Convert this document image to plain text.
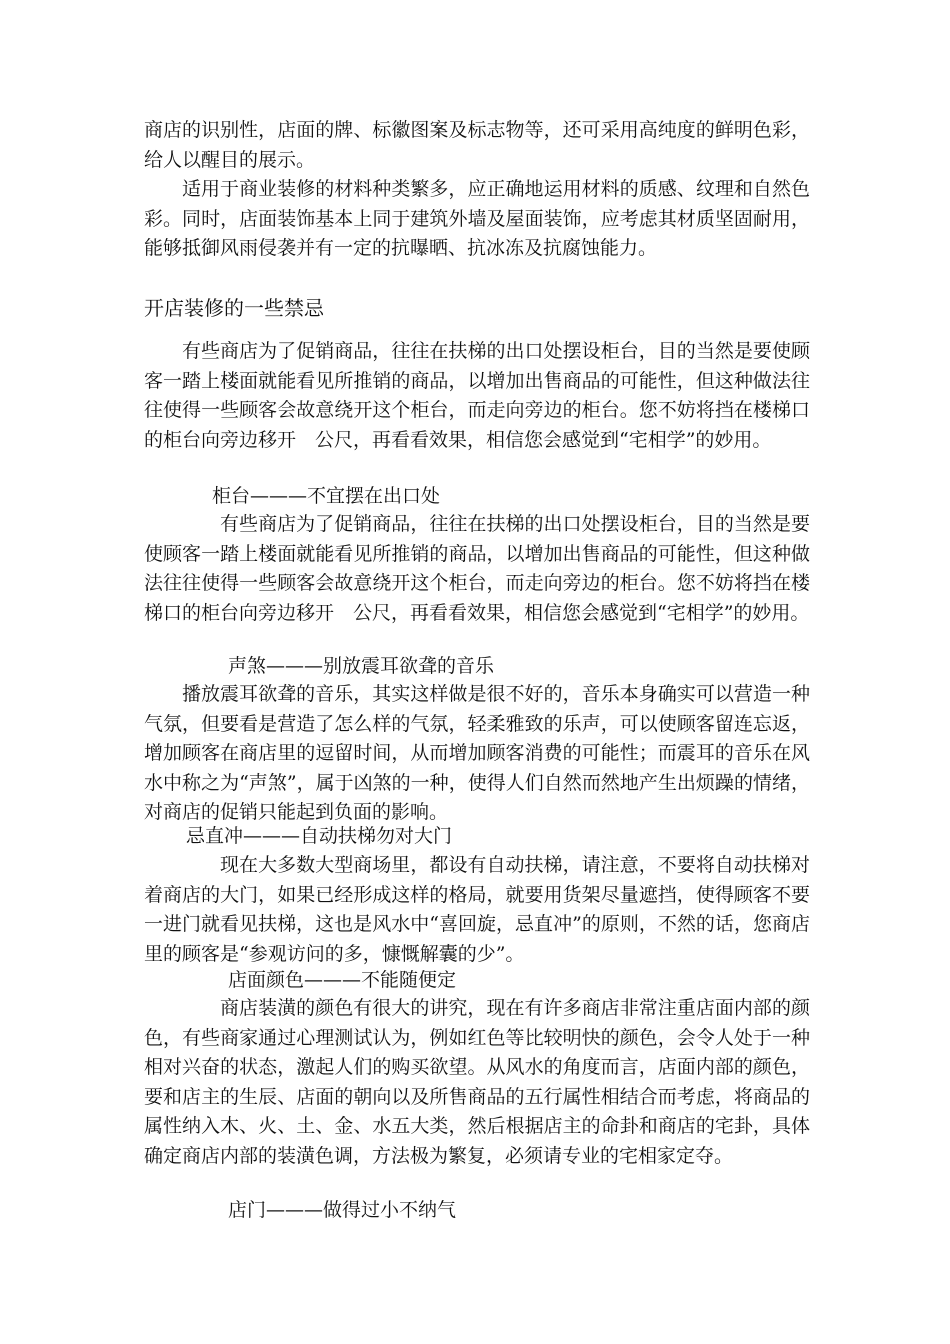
商店的识别性，店面的牌、标徽图案及标志物等，还可采用高纯度的鲜明色彩，给人以醒目的展示。

适用于商业装修的材料种类繁多，应正确地运用材料的质感、纹理和自然色彩。同时，店面装饰基本上同于建筑外墙及屋面装饰，应考虑其材质坚固耐用，能够抵御风雨侵袭并有一定的抗曝晒、抗冰冻及抗腐蚀能力。

开店装修的一些禁忌

有些商店为了促销商品，往往在扶梯的出口处摆设柜台，目的当然是要使顾客一踏上楼面就能看见所推销的商品，以增加出售商品的可能性，但这种做法往往使得一些顾客会故意绕开这个柜台，而走向旁边的柜台。您不妨将挡在楼梯口的柜台向旁边移开　公尺，再看看效果，相信您会感觉到“宅相学”的妙用。

柜台———不宜摆在出口处

有些商店为了促销商品，往往在扶梯的出口处摆设柜台，目的当然是要使顾客一踏上楼面就能看见所推销的商品，以增加出售商品的可能性，但这种做法往往使得一些顾客会故意绕开这个柜台，而走向旁边的柜台。您不妨将挡在楼梯口的柜台向旁边移开　公尺，再看看效果，相信您会感觉到“宅相学”的妙用。

声煞———别放震耳欲聋的音乐

播放震耳欲聋的音乐，其实这样做是很不好的，音乐本身确实可以营造一种气氛，但要看是营造了怎么样的气氛，轻柔雅致的乐声，可以使顾客留连忘返，增加顾客在商店里的逗留时间，从而增加顾客消费的可能性；而震耳的音乐在风水中称之为“声煞”，属于凶煞的一种，使得人们自然而然地产生出烦躁的情绪，对商店的促销只能起到负面的影响。

忌直冲———自动扶梯勿对大门

现在大多数大型商场里，都设有自动扶梯，请注意，不要将自动扶梯对着商店的大门，如果已经形成这样的格局，就要用货架尽量遮挡，使得顾客不要一进门就看见扶梯，这也是风水中“喜回旋，忌直冲”的原则，不然的话，您商店里的顾客是“参观访问的多，慷慨解囊的少”。

店面颜色———不能随便定

商店装潢的颜色有很大的讲究，现在有许多商店非常注重店面内部的颜色，有些商家通过心理测试认为，例如红色等比较明快的颜色，会令人处于一种相对兴奋的状态，激起人们的购买欲望。从风水的角度而言，店面内部的颜色，要和店主的生辰、店面的朝向以及所售商品的五行属性相结合而考虑，将商品的属性纳入木、火、土、金、水五大类，然后根据店主的命卦和商店的宅卦，具体确定商店内部的装潢色调，方法极为繁复，必须请专业的宅相家定夺。

店门———做得过小不纳气
